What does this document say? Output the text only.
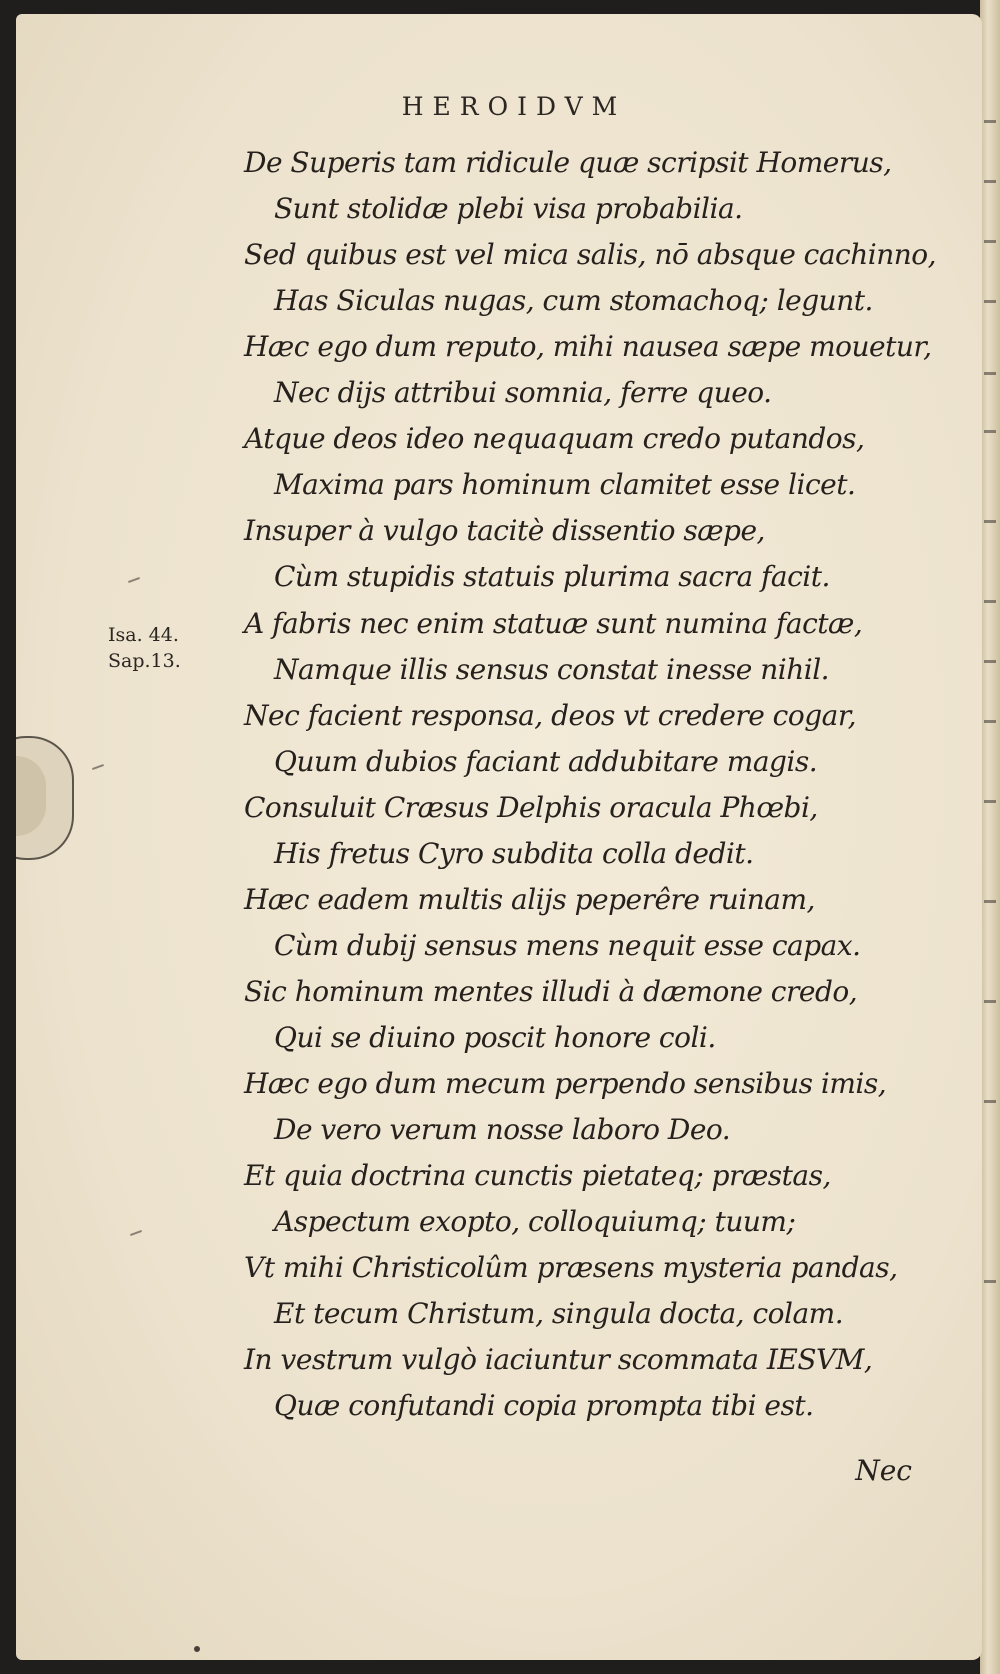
HEROIDVM
Isa. 44.
Sap.13.
De Superis tam ridicule quæ scripsit Homerus,
Sunt stolidæ plebi visa probabilia.
Sed quibus est vel mica salis, nō absque cachinno,
Has Siculas nugas, cum stomachoq; legunt.
Hæc ego dum reputo, mihi nausea sæpe mouetur,
Nec dijs attribui somnia, ferre queo.
Atque deos ideo nequaquam credo putandos,
Maxima pars hominum clamitet esse licet.
Insuper à vulgo tacitè dissentio sæpe,
Cùm stupidis statuis plurima sacra facit.
A fabris nec enim statuæ sunt numina factæ,
Namque illis sensus constat inesse nihil.
Nec facient responsa, deos vt credere cogar,
Quum dubios faciant addubitare magis.
Consuluit Cræsus Delphis oracula Phœbi,
His fretus Cyro subdita colla dedit.
Hæc eadem multis alijs peperêre ruinam,
Cùm dubij sensus mens nequit esse capax.
Sic hominum mentes illudi à dæmone credo,
Qui se diuino poscit honore coli.
Hæc ego dum mecum perpendo sensibus imis,
De vero verum nosse laboro Deo.
Et quia doctrina cunctis pietateq; præstas,
Aspectum exopto, colloquiumq; tuum;
Vt mihi Christicolûm præsens mysteria pandas,
Et tecum Christum, singula docta, colam.
In vestrum vulgò iaciuntur scommata IESVM,
Quæ confutandi copia prompta tibi est.
Nec
